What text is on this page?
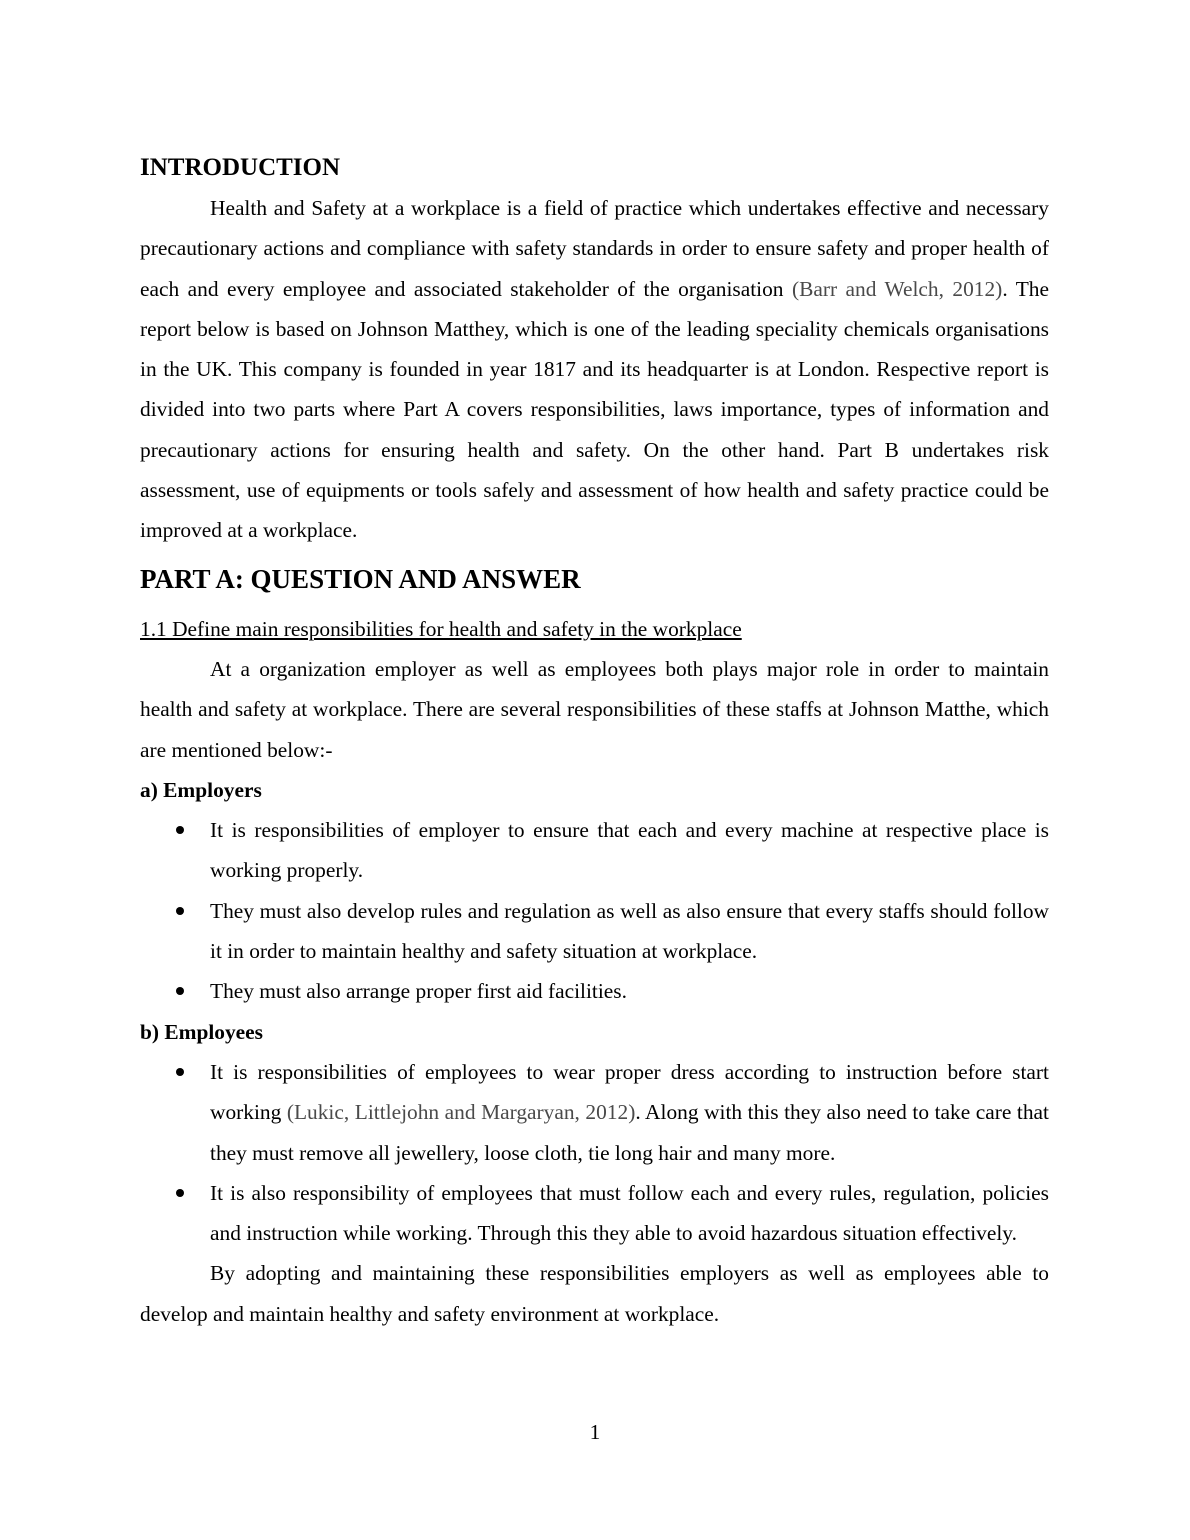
INTRODUCTION

Health and Safety at a workplace is a field of practice which undertakes effective and necessary precautionary actions and compliance with safety standards in order to ensure safety and proper health of each and every employee and associated stakeholder of the organisation (Barr and Welch, 2012). The report below is based on Johnson Matthey, which is one of the leading speciality chemicals organisations in the UK. This company is founded in year 1817 and its headquarter is at London. Respective report is divided into two parts where Part A covers responsibilities, laws importance, types of information and precautionary actions for ensuring health and safety. On the other hand. Part B undertakes risk assessment, use of equipments or tools safely and assessment of how health and safety practice could be improved at a workplace.

PART A: QUESTION AND ANSWER

1.1 Define main responsibilities for health and safety in the workplace

At a organization employer as well as employees both plays major role in order to maintain health and safety at workplace. There are several responsibilities of these staffs at Johnson Matthe, which are mentioned below:-

a) Employers

It is responsibilities of employer to ensure that each and every machine at respective place is working properly.
They must also develop rules and regulation as well as also ensure that every staffs should follow it in order to maintain healthy and safety situation at workplace.
They must also arrange proper first aid facilities.

b) Employees

It is responsibilities of employees to wear proper dress according to instruction before start working (Lukic, Littlejohn and Margaryan, 2012). Along with this they also need to take care that they must remove all jewellery, loose cloth, tie long hair and many more.
It is also responsibility of employees that must follow each and every rules, regulation, policies and instruction while working. Through this they able to avoid hazardous situation effectively.

By adopting and maintaining these responsibilities employers as well as employees able to develop and maintain healthy and safety environment at workplace.

1
